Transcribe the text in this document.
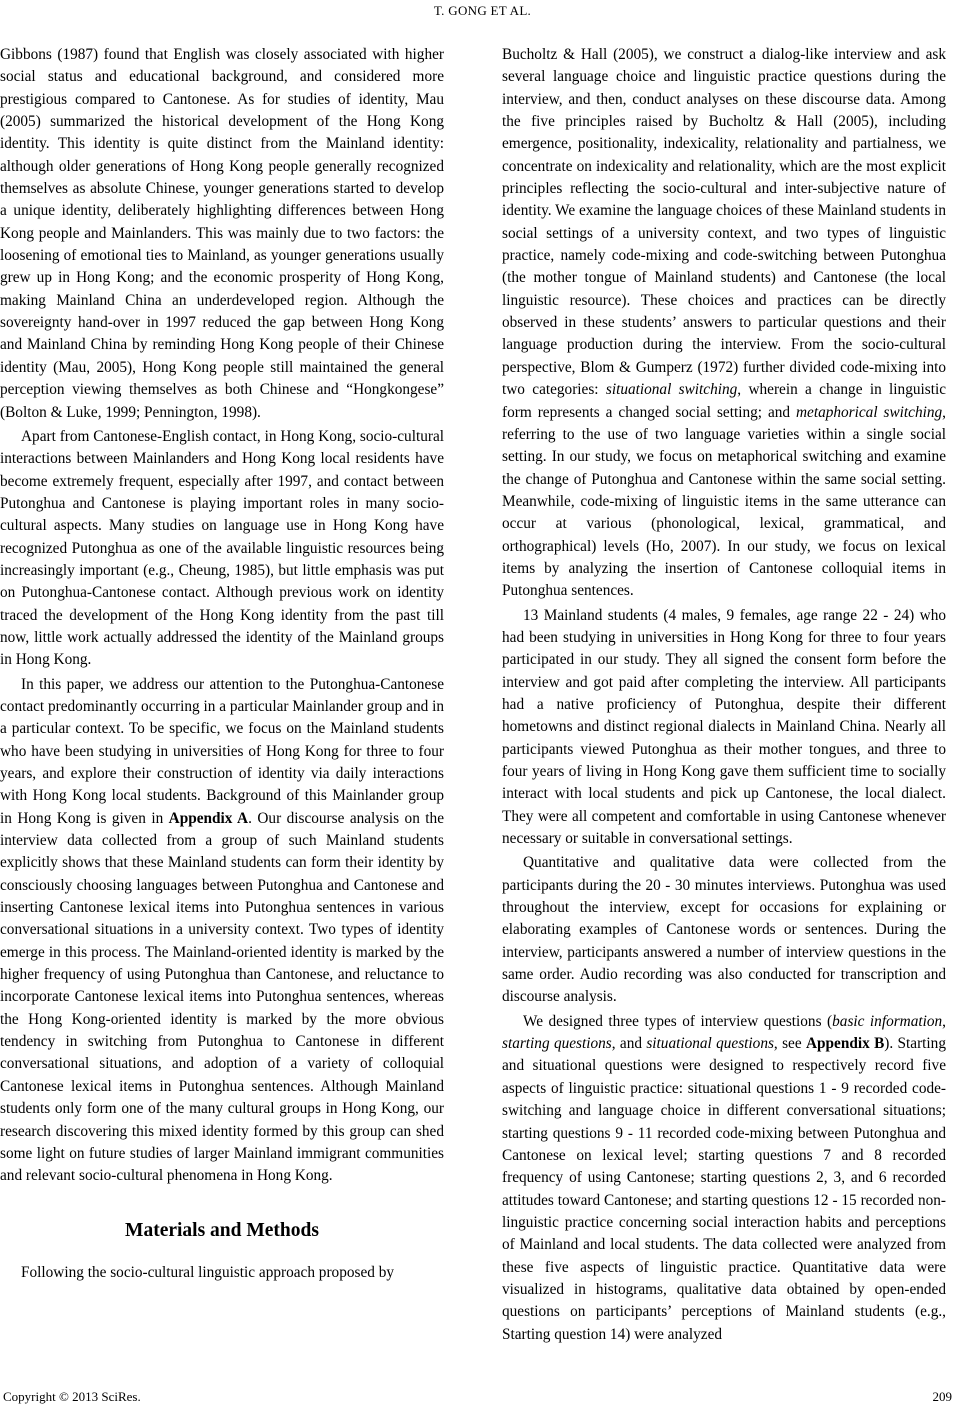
T. GONG ET AL.

Gibbons (1987) found that English was closely associated with higher social status and educational background, and considered more prestigious compared to Cantonese. As for studies of identity, Mau (2005) summarized the historical development of the Hong Kong identity. This identity is quite distinct from the Mainland identity: although older generations of Hong Kong people generally recognized themselves as absolute Chinese, younger generations started to develop a unique identity, deliberately highlighting differences between Hong Kong people and Mainlanders. This was mainly due to two factors: the loosening of emotional ties to Mainland, as younger generations usually grew up in Hong Kong; and the economic prosperity of Hong Kong, making Mainland China an underdeveloped region. Although the sovereignty hand-over in 1997 reduced the gap between Hong Kong and Mainland China by reminding Hong Kong people of their Chinese identity (Mau, 2005), Hong Kong people still maintained the general perception viewing themselves as both Chinese and “Hongkongese” (Bolton & Luke, 1999; Pennington, 1998).

Apart from Cantonese-English contact, in Hong Kong, socio-cultural interactions between Mainlanders and Hong Kong local residents have become extremely frequent, especially after 1997, and contact between Putonghua and Cantonese is playing important roles in many socio-cultural aspects. Many studies on language use in Hong Kong have recognized Putonghua as one of the available linguistic resources being increasingly important (e.g., Cheung, 1985), but little emphasis was put on Putonghua-Cantonese contact. Although previous work on identity traced the development of the Hong Kong identity from the past till now, little work actually addressed the identity of the Mainland groups in Hong Kong.

In this paper, we address our attention to the Putonghua-Cantonese contact predominantly occurring in a particular Mainlander group and in a particular context. To be specific, we focus on the Mainland students who have been studying in universities of Hong Kong for three to four years, and explore their construction of identity via daily interactions with Hong Kong local students. Background of this Mainlander group in Hong Kong is given in Appendix A. Our discourse analysis on the interview data collected from a group of such Mainland students explicitly shows that these Mainland students can form their identity by consciously choosing languages between Putonghua and Cantonese and inserting Cantonese lexical items into Putonghua sentences in various conversational situations in a university context. Two types of identity emerge in this process. The Mainland-oriented identity is marked by the higher frequency of using Putonghua than Cantonese, and reluctance to incorporate Cantonese lexical items into Putonghua sentences, whereas the Hong Kong-oriented identity is marked by the more obvious tendency in switching from Putonghua to Cantonese in different conversational situations, and adoption of a variety of colloquial Cantonese lexical items in Putonghua sentences. Although Mainland students only form one of the many cultural groups in Hong Kong, our research discovering this mixed identity formed by this group can shed some light on future studies of larger Mainland immigrant communities and relevant socio-cultural phenomena in Hong Kong.

Materials and Methods

Following the socio-cultural linguistic approach proposed by

Bucholtz & Hall (2005), we construct a dialog-like interview and ask several language choice and linguistic practice questions during the interview, and then, conduct analyses on these discourse data. Among the five principles raised by Bucholtz & Hall (2005), including emergence, positionality, indexicality, relationality and partialness, we concentrate on indexicality and relationality, which are the most explicit principles reflecting the socio-cultural and inter-subjective nature of identity. We examine the language choices of these Mainland students in social settings of a university context, and two types of linguistic practice, namely code-mixing and code-switching between Putonghua (the mother tongue of Mainland students) and Cantonese (the local linguistic resource). These choices and practices can be directly observed in these students’ answers to particular questions and their language production during the interview. From the socio-cultural perspective, Blom & Gumperz (1972) further divided code-mixing into two categories: situational switching, wherein a change in linguistic form represents a changed social setting; and metaphorical switching, referring to the use of two language varieties within a single social setting. In our study, we focus on metaphorical switching and examine the change of Putonghua and Cantonese within the same social setting. Meanwhile, code-mixing of linguistic items in the same utterance can occur at various (phonological, lexical, grammatical, and orthographical) levels (Ho, 2007). In our study, we focus on lexical items by analyzing the insertion of Cantonese colloquial items in Putonghua sentences.

13 Mainland students (4 males, 9 females, age range 22 - 24) who had been studying in universities in Hong Kong for three to four years participated in our study. They all signed the consent form before the interview and got paid after completing the interview. All participants had a native proficiency of Putonghua, despite their different hometowns and distinct regional dialects in Mainland China. Nearly all participants viewed Putonghua as their mother tongues, and three to four years of living in Hong Kong gave them sufficient time to socially interact with local students and pick up Cantonese, the local dialect. They were all competent and comfortable in using Cantonese whenever necessary or suitable in conversational settings.

Quantitative and qualitative data were collected from the participants during the 20 - 30 minutes interviews. Putonghua was used throughout the interview, except for occasions for explaining or elaborating examples of Cantonese words or sentences. During the interview, participants answered a number of interview questions in the same order. Audio recording was also conducted for transcription and discourse analysis.

We designed three types of interview questions (basic information, starting questions, and situational questions, see Appendix B). Starting and situational questions were designed to respectively record five aspects of linguistic practice: situational questions 1 - 9 recorded code-switching and language choice in different conversational situations; starting questions 9 - 11 recorded code-mixing between Putonghua and Cantonese on lexical level; starting questions 7 and 8 recorded frequency of using Cantonese; starting questions 2, 3, and 6 recorded attitudes toward Cantonese; and starting questions 12 - 15 recorded non-linguistic practice concerning social interaction habits and perceptions of Mainland and local students. The data collected were analyzed from these five aspects of linguistic practice. Quantitative data were visualized in histograms, qualitative data obtained by open-ended questions on participants’ perceptions of Mainland students (e.g., Starting question 14) were analyzed

Copyright © 2013 SciRes.	209
